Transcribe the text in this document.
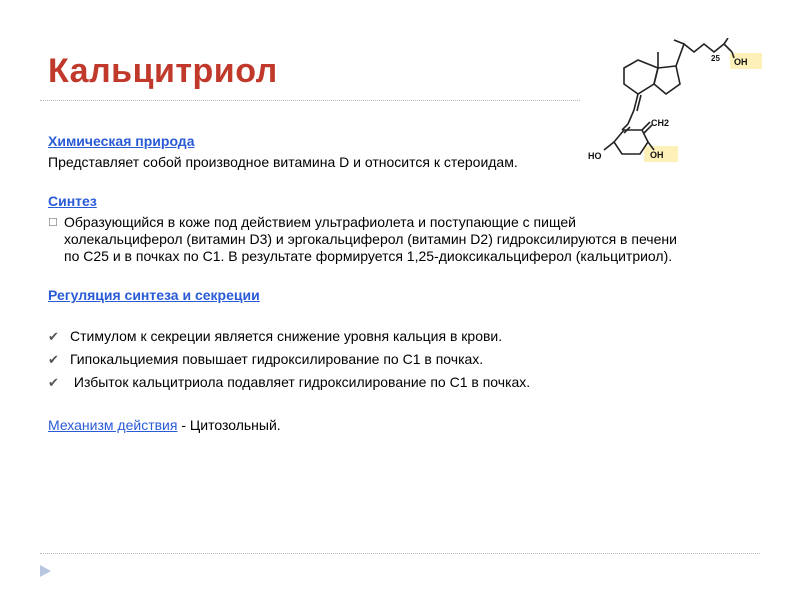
Кальцитриол	25 OH
CH2
HO	OH
Химическая природа
Представляет собой производное витамина D и относится к стероидам.
Синтез
☐ Образующийся в коже под действием ультрафиолета и поступающие с пищей холекальциферол (витамин D3) и эргокальциферол (витамин D2) гидроксилируются в печени по C25 и в почках по C1. В результате формируется 1,25-диоксикальциферол (кальцитриол).
Регуляция синтеза и секреции
✔ Стимулом к секреции является снижение уровня кальция в крови.
✔ Гипокальциемия повышает гидроксилирование по C1 в почках.
✔ Избыток кальцитриола подавляет гидроксилирование по C1 в почках.
Механизм действия - Цитозольный.
